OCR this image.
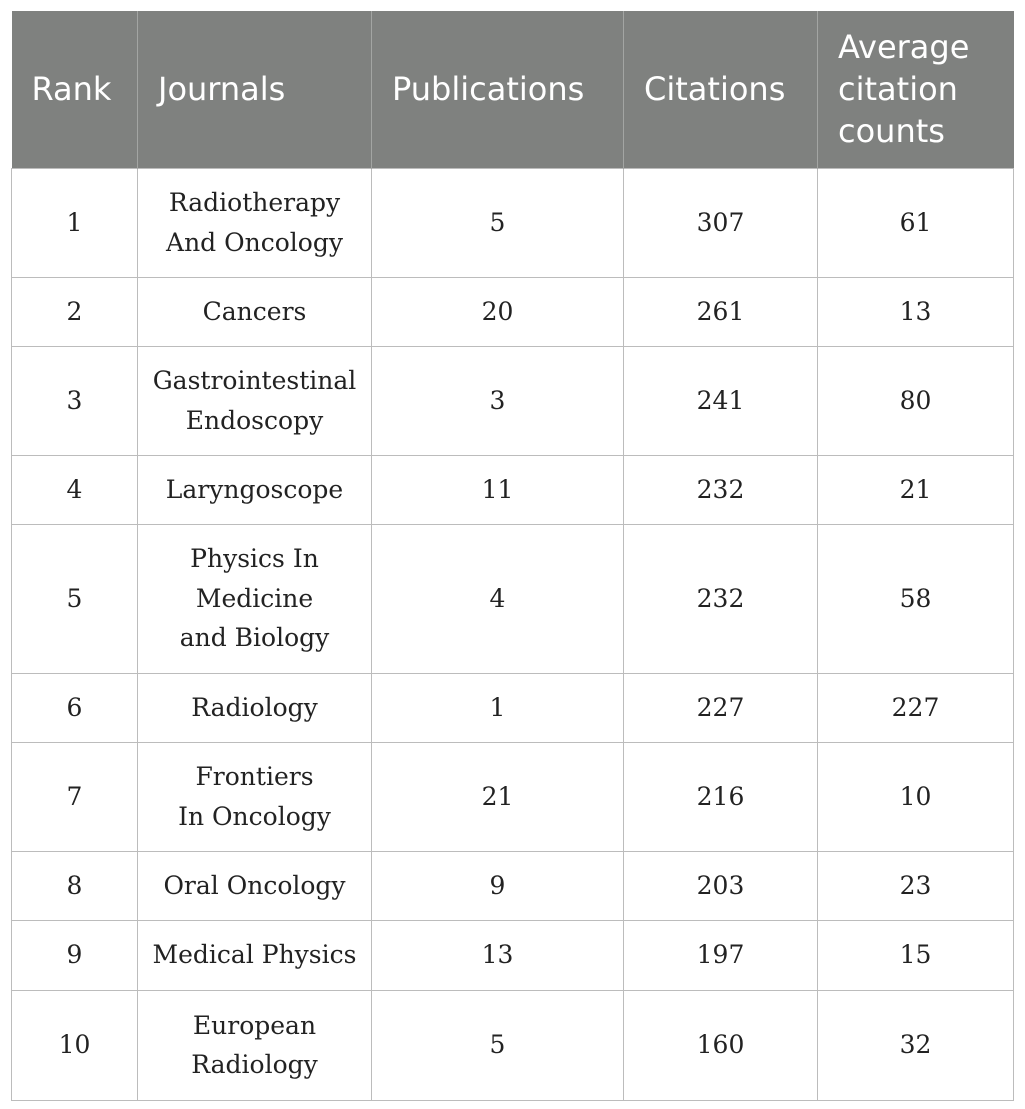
Rank	Journals	Publications	Citations	Average
citation
counts
1	Radiotherapy
And Oncology	5	307	61
2	Cancers	20	261	13
3	Gastrointestinal
Endoscopy	3	241	80
4	Laryngoscope	11	232	21
5	Physics In
Medicine
and Biology	4	232	58
6	Radiology	1	227	227
7	Frontiers
In Oncology	21	216	10
8	Oral Oncology	9	203	23
9	Medical Physics	13	197	15
10	European
Radiology	5	160	32
